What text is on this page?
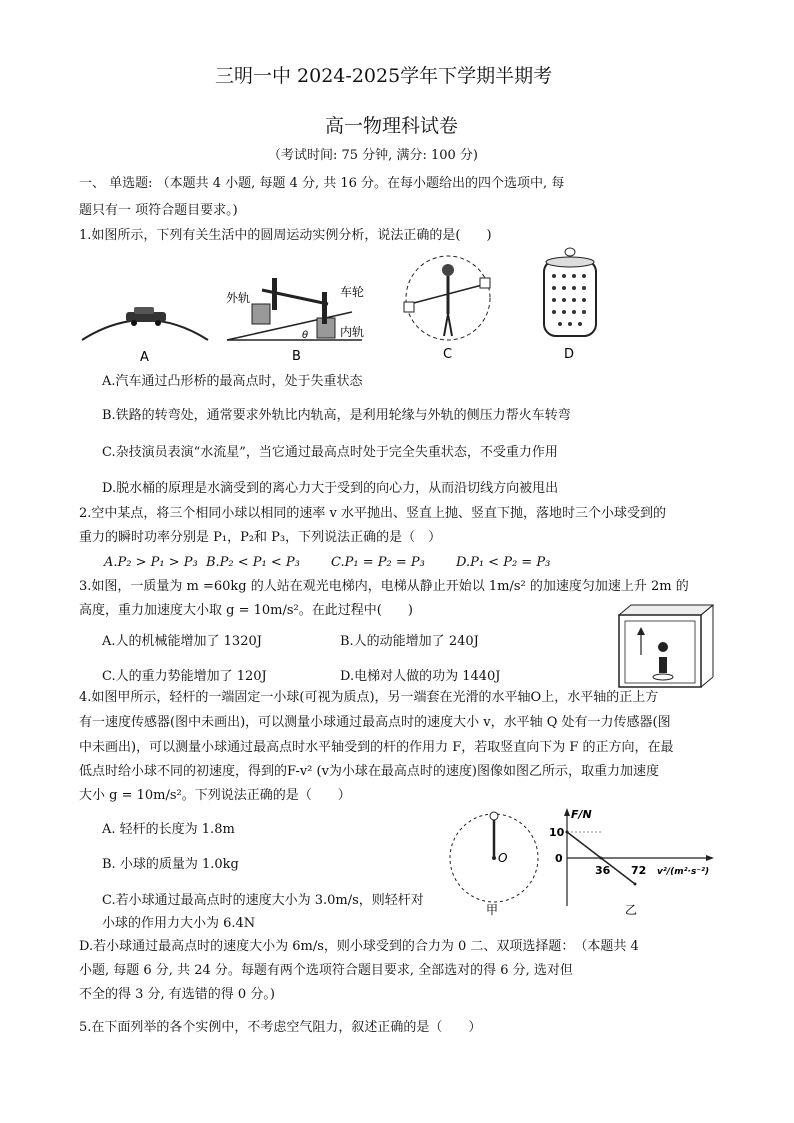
三明一中 2024-2025学年下学期半期考
高一物理科试卷
（考试时间: 75 分钟, 满分: 100 分)
一、 单选题: （本题共 4 小题, 每题 4 分, 共 16 分。在每小题给出的四个选项中, 每
题只有一 项符合题目要求。)
1.如图所示，下列有关生活中的圆周运动实例分析，说法正确的是(　　)
A
外轨	车轮
内轨
θ
B	C	D
A.汽车通过凸形桥的最高点时，处于失重状态
B.铁路的转弯处，通常要求外轨比内轨高，是利用轮缘与外轨的侧压力帮火车转弯
C.杂技演员表演“水流星”，当它通过最高点时处于完全失重状态，不受重力作用
D.脱水桶的原理是水滴受到的离心力大于受到的向心力，从而沿切线方向被甩出
2.空中某点，将三个相同小球以相同的速率 v 水平抛出、竖直上抛、竖直下抛，落地时三个小球受到的
重力的瞬时功率分别是 P₁，P₂和 P₃，下列说法正确的是（　）
A.P₂ > P₁ > P₃ B.P₂ < P₁ < P₃ C.P₁ = P₂ = P₃ D.P₁ < P₂ = P₃
3.如图，一质量为 m =60kg 的人站在观光电梯内，电梯从静止开始以 1m/s² 的加速度匀加速上升 2m 的
高度，重力加速度大小取 g = 10m/s²。在此过程中(　　)
A.人的机械能增加了 1320J	B.人的动能增加了 240J
C.人的重力势能增加了 120J	D.电梯对人做的功为 1440J
4.如图甲所示，轻杆的一端固定一小球(可视为质点)，另一端套在光滑的水平轴O上，水平轴的正上方
有一速度传感器(图中未画出)，可以测量小球通过最高点时的速度大小 v，水平轴 Q 处有一力传感器(图
中未画出)，可以测量小球通过最高点时水平轴受到的杆的作用力 F，若取竖直向下为 F 的正方向，在最
低点时给小球不同的初速度，得到的F-v² (v为小球在最高点时的速度)图像如图乙所示，取重力加速度
大小 g = 10m/s²。下列说法正确的是（　　）
A. 轻杆的长度为 1.8m
B. 小球的质量为 1.0kg
C.若小球通过最高点时的速度大小为 3.0m/s，则轻杆对
小球的作用力大小为 6.4N
D.若小球通过最高点时的速度大小为 6m/s，则小球受到的合力为 0 二、双项选择题：　（本题共 4
O
甲
F/N
10
0
36 72 v²/(m²·s⁻²)
乙
小题, 每题 6 分, 共 24 分。每题有两个选项符合题目要求, 全部选对的得 6 分, 选对但
不全的得 3 分, 有选错的得 0 分。)
5.在下面列举的各个实例中，不考虑空气阻力，叙述正确的是（　　）
